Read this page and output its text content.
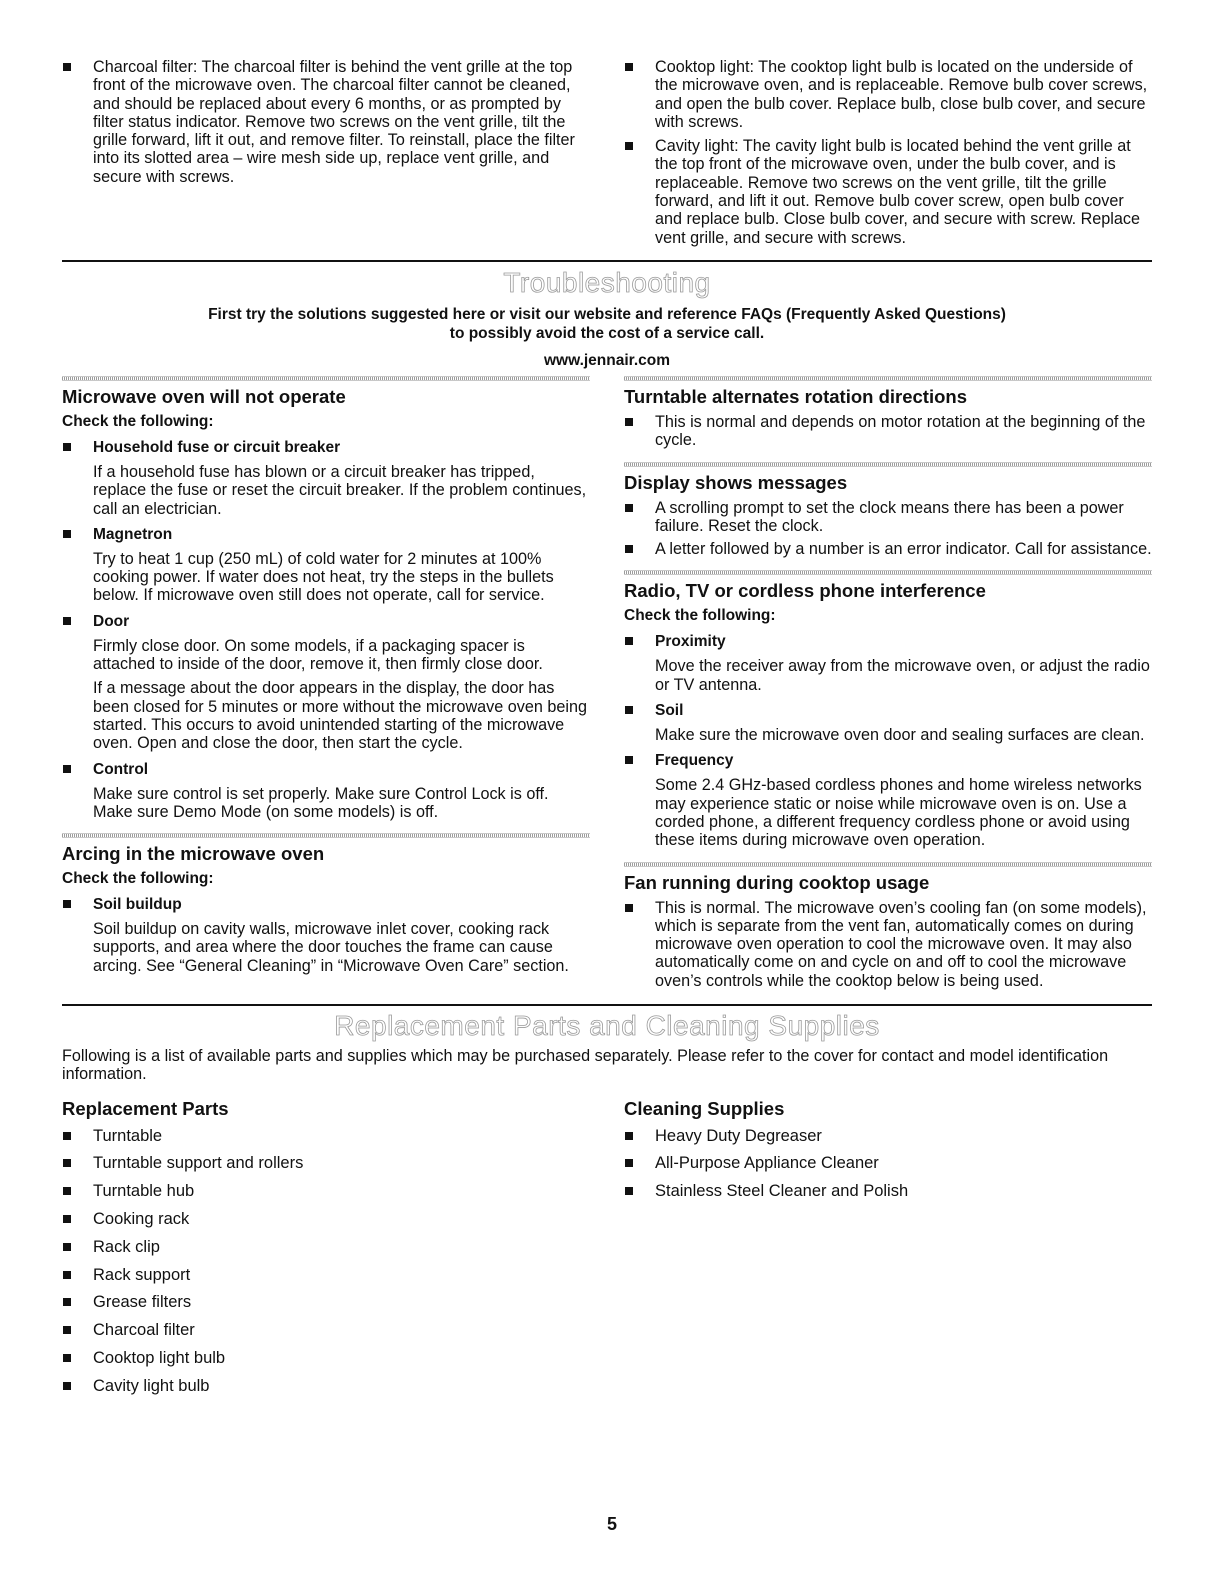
Charcoal filter: The charcoal filter is behind the vent grille at the top front of the microwave oven. The charcoal filter cannot be cleaned, and should be replaced about every 6 months, or as prompted by filter status indicator. Remove two screws on the vent grille, tilt the grille forward, lift it out, and remove filter. To reinstall, place the filter into its slotted area – wire mesh side up, replace vent grille, and secure with screws.
Cooktop light: The cooktop light bulb is located on the underside of the microwave oven, and is replaceable. Remove bulb cover screws, and open the bulb cover. Replace bulb, close bulb cover, and secure with screws.
Cavity light: The cavity light bulb is located behind the vent grille at the top front of the microwave oven, under the bulb cover, and is replaceable. Remove two screws on the vent grille, tilt the grille forward, and lift it out. Remove bulb cover screw, open bulb cover and replace bulb. Close bulb cover, and secure with screw. Replace vent grille, and secure with screws.
Troubleshooting
First try the solutions suggested here or visit our website and reference FAQs (Frequently Asked Questions)
to possibly avoid the cost of a service call.
www.jennair.com
Microwave oven will not operate
Check the following:
Household fuse or circuit breaker
If a household fuse has blown or a circuit breaker has tripped, replace the fuse or reset the circuit breaker. If the problem continues, call an electrician.
Magnetron
Try to heat 1 cup (250 mL) of cold water for 2 minutes at 100% cooking power. If water does not heat, try the steps in the bullets below. If microwave oven still does not operate, call for service.
Door
Firmly close door. On some models, if a packaging spacer is attached to inside of the door, remove it, then firmly close door.
If a message about the door appears in the display, the door has been closed for 5 minutes or more without the microwave oven being started. This occurs to avoid unintended starting of the microwave oven. Open and close the door, then start the cycle.
Control
Make sure control is set properly. Make sure Control Lock is off. Make sure Demo Mode (on some models) is off.
Arcing in the microwave oven
Check the following:
Soil buildup
Soil buildup on cavity walls, microwave inlet cover, cooking rack supports, and area where the door touches the frame can cause arcing. See “General Cleaning” in “Microwave Oven Care” section.
Turntable alternates rotation directions
This is normal and depends on motor rotation at the beginning of the cycle.
Display shows messages
A scrolling prompt to set the clock means there has been a power failure. Reset the clock.
A letter followed by a number is an error indicator. Call for assistance.
Radio, TV or cordless phone interference
Check the following:
Proximity
Move the receiver away from the microwave oven, or adjust the radio or TV antenna.
Soil
Make sure the microwave oven door and sealing surfaces are clean.
Frequency
Some 2.4 GHz-based cordless phones and home wireless networks may experience static or noise while microwave oven is on. Use a corded phone, a different frequency cordless phone or avoid using these items during microwave oven operation.
Fan running during cooktop usage
This is normal. The microwave oven’s cooling fan (on some models), which is separate from the vent fan, automatically comes on during microwave oven operation to cool the microwave oven. It may also automatically come on and cycle on and off to cool the microwave oven’s controls while the cooktop below is being used.
Replacement Parts and Cleaning Supplies
Following is a list of available parts and supplies which may be purchased separately. Please refer to the cover for contact and model identification information.
Replacement Parts
Turntable
Turntable support and rollers
Turntable hub
Cooking rack
Rack clip
Rack support
Grease filters
Charcoal filter
Cooktop light bulb
Cavity light bulb
Cleaning Supplies
Heavy Duty Degreaser
All-Purpose Appliance Cleaner
Stainless Steel Cleaner and Polish
5
